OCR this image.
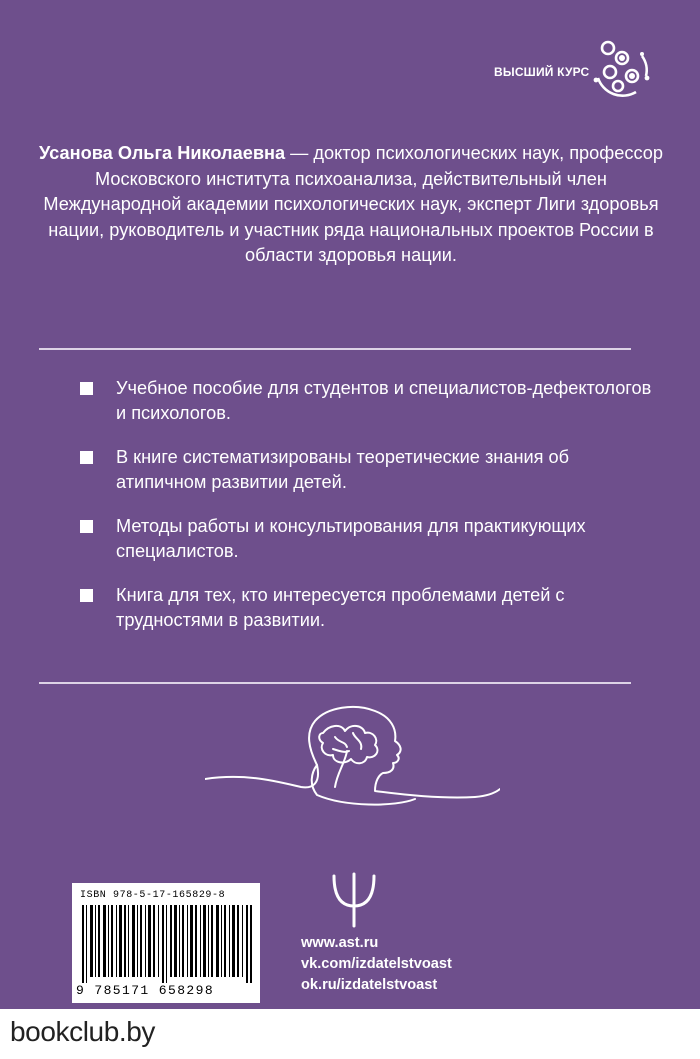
ВЫСШИЙ КУРС
Усанова Ольга Николаевна — доктор психологических наук, профессор Московского института психоанализа, действительный член Международной академии психологических наук, эксперт Лиги здоровья нации, руководитель и участник ряда национальных проектов России в области здоровья нации.
Учебное пособие для студентов и специалистов-дефектологов и психологов.
В книге систематизированы теоретические знания об атипичном развитии детей.
Методы работы и консультирования для практикующих специалистов.
Книга для тех, кто интересуется проблемами детей с трудностями в развитии.
ISBN 978-5-17-165829-8
9 785171 658298
www.ast.ru
vk.com/izdatelstvoast
ok.ru/izdatelstvoast
bookclub.by
